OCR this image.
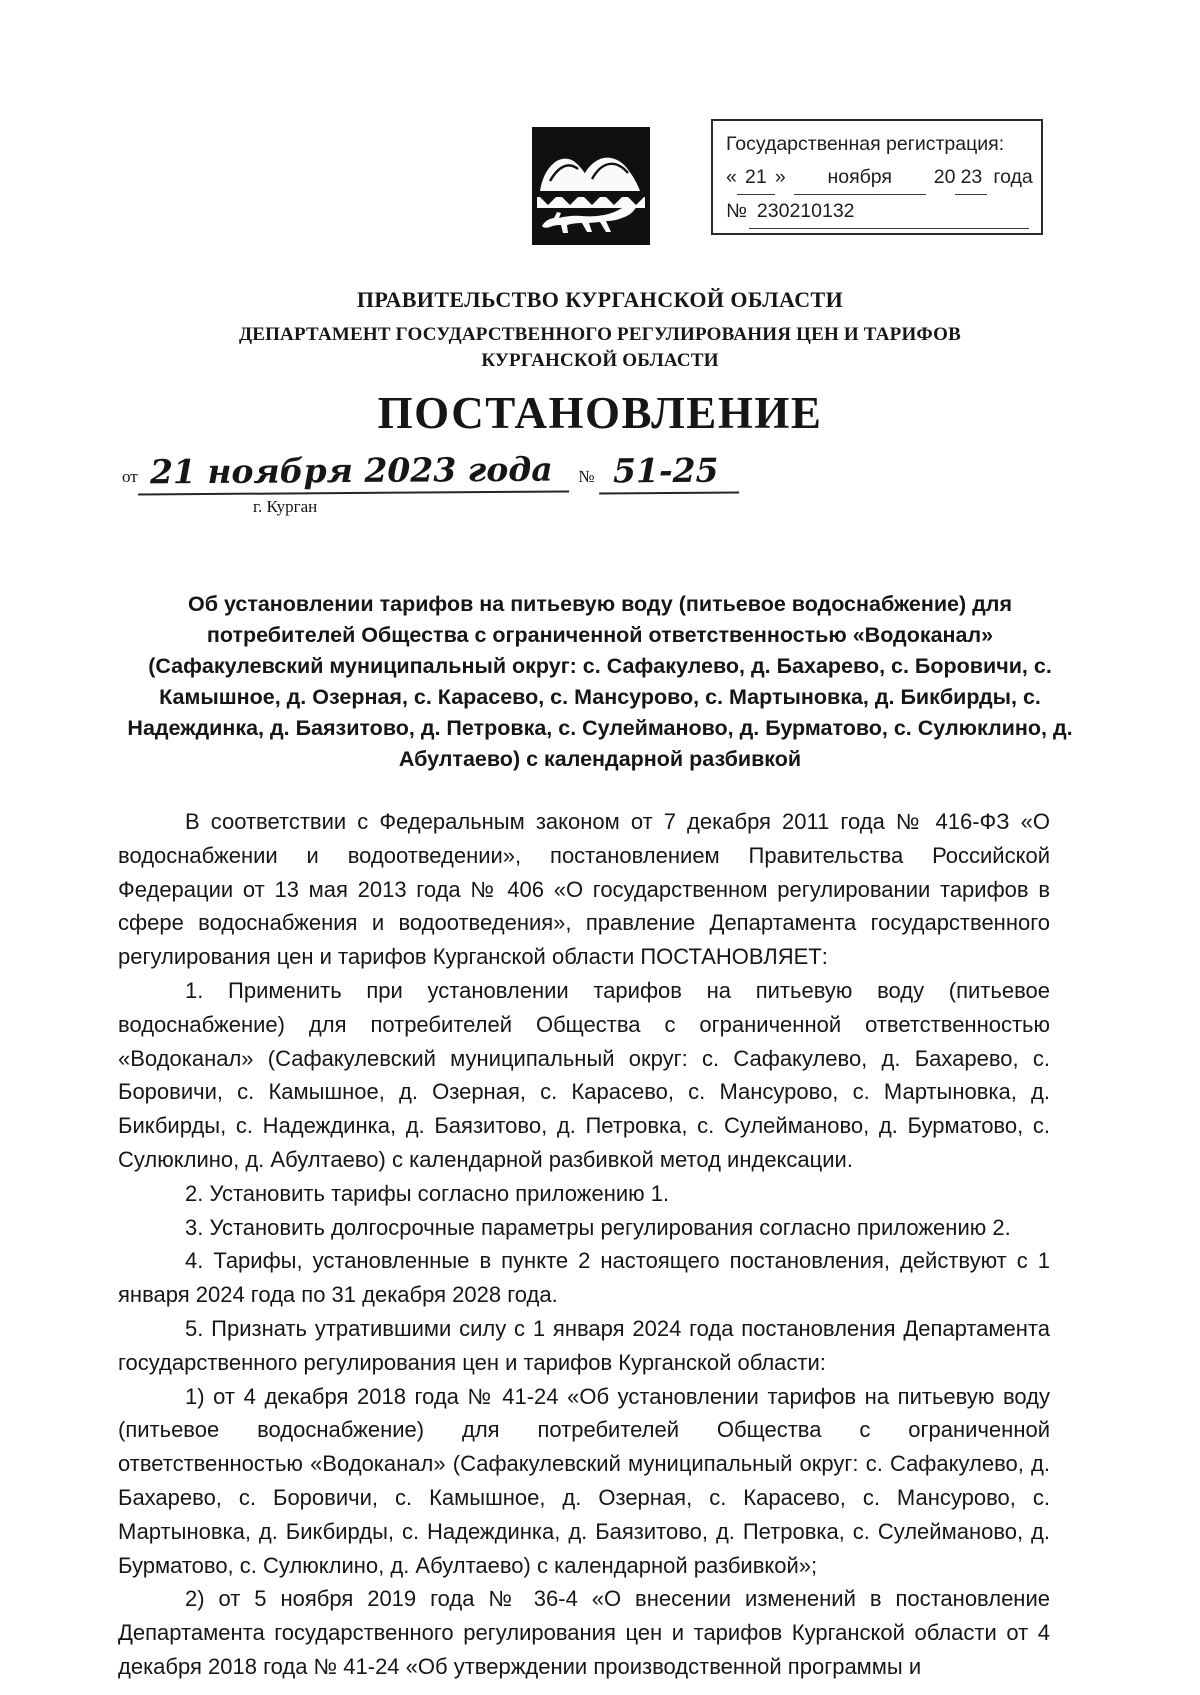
Государственная регистрация:
« 21 »	ноября	20 23 года
№ 230210132
ПРАВИТЕЛЬСТВО КУРГАНСКОЙ ОБЛАСТИ
ДЕПАРТАМЕНТ ГОСУДАРСТВЕННОГО РЕГУЛИРОВАНИЯ ЦЕН И ТАРИФОВ
КУРГАНСКОЙ ОБЛАСТИ
ПОСТАНОВЛЕНИЕ
от 21 ноября 2023 года	№ 51-25
г. Курган
Об установлении тарифов на питьевую воду (питьевое водоснабжение) для потребителей Общества с ограниченной ответственностью «Водоканал» (Сафакулевский муниципальный округ: с. Сафакулево, д. Бахарево, с. Боровичи, с. Камышное, д. Озерная, с. Карасево, с. Мансурово, с. Мартыновка, д. Бикбирды, с. Надеждинка, д. Баязитово, д. Петровка, с. Сулейманово, д. Бурматово, с. Сулюклино, д. Абултаево) с календарной разбивкой

В соответствии с Федеральным законом от 7 декабря 2011 года № 416-ФЗ «О водоснабжении и водоотведении», постановлением Правительства Российской Федерации от 13 мая 2013 года № 406 «О государственном регулировании тарифов в сфере водоснабжения и водоотведения», правление Департамента государственного регулирования цен и тарифов Курганской области ПОСТАНОВЛЯЕТ:

1. Применить при установлении тарифов на питьевую воду (питьевое водоснабжение) для потребителей Общества с ограниченной ответственностью «Водоканал» (Сафакулевский муниципальный округ: с. Сафакулево, д. Бахарево, с. Боровичи, с. Камышное, д. Озерная, с. Карасево, с. Мансурово, с. Мартыновка, д. Бикбирды, с. Надеждинка, д. Баязитово, д. Петровка, с. Сулейманово, д. Бурматово, с. Сулюклино, д. Абултаево) с календарной разбивкой метод индексации.

2. Установить тарифы согласно приложению 1.

3. Установить долгосрочные параметры регулирования согласно приложению 2.

4. Тарифы, установленные в пункте 2 настоящего постановления, действуют с 1 января 2024 года по 31 декабря 2028 года.

5. Признать утратившими силу с 1 января 2024 года постановления Департамента государственного регулирования цен и тарифов Курганской области:

1) от 4 декабря 2018 года № 41-24 «Об установлении тарифов на питьевую воду (питьевое водоснабжение) для потребителей Общества с ограниченной ответственностью «Водоканал» (Сафакулевский муниципальный округ: с. Сафакулево, д. Бахарево, с. Боровичи, с. Камышное, д. Озерная, с. Карасево, с. Мансурово, с. Мартыновка, д. Бикбирды, с. Надеждинка, д. Баязитово, д. Петровка, с. Сулейманово, д. Бурматово, с. Сулюклино, д. Абултаево) с календарной разбивкой»;

2) от 5 ноября 2019 года № 36-4 «О внесении изменений в постановление Департамента государственного регулирования цен и тарифов Курганской области от 4 декабря 2018 года № 41-24 «Об утверждении производственной программы и
